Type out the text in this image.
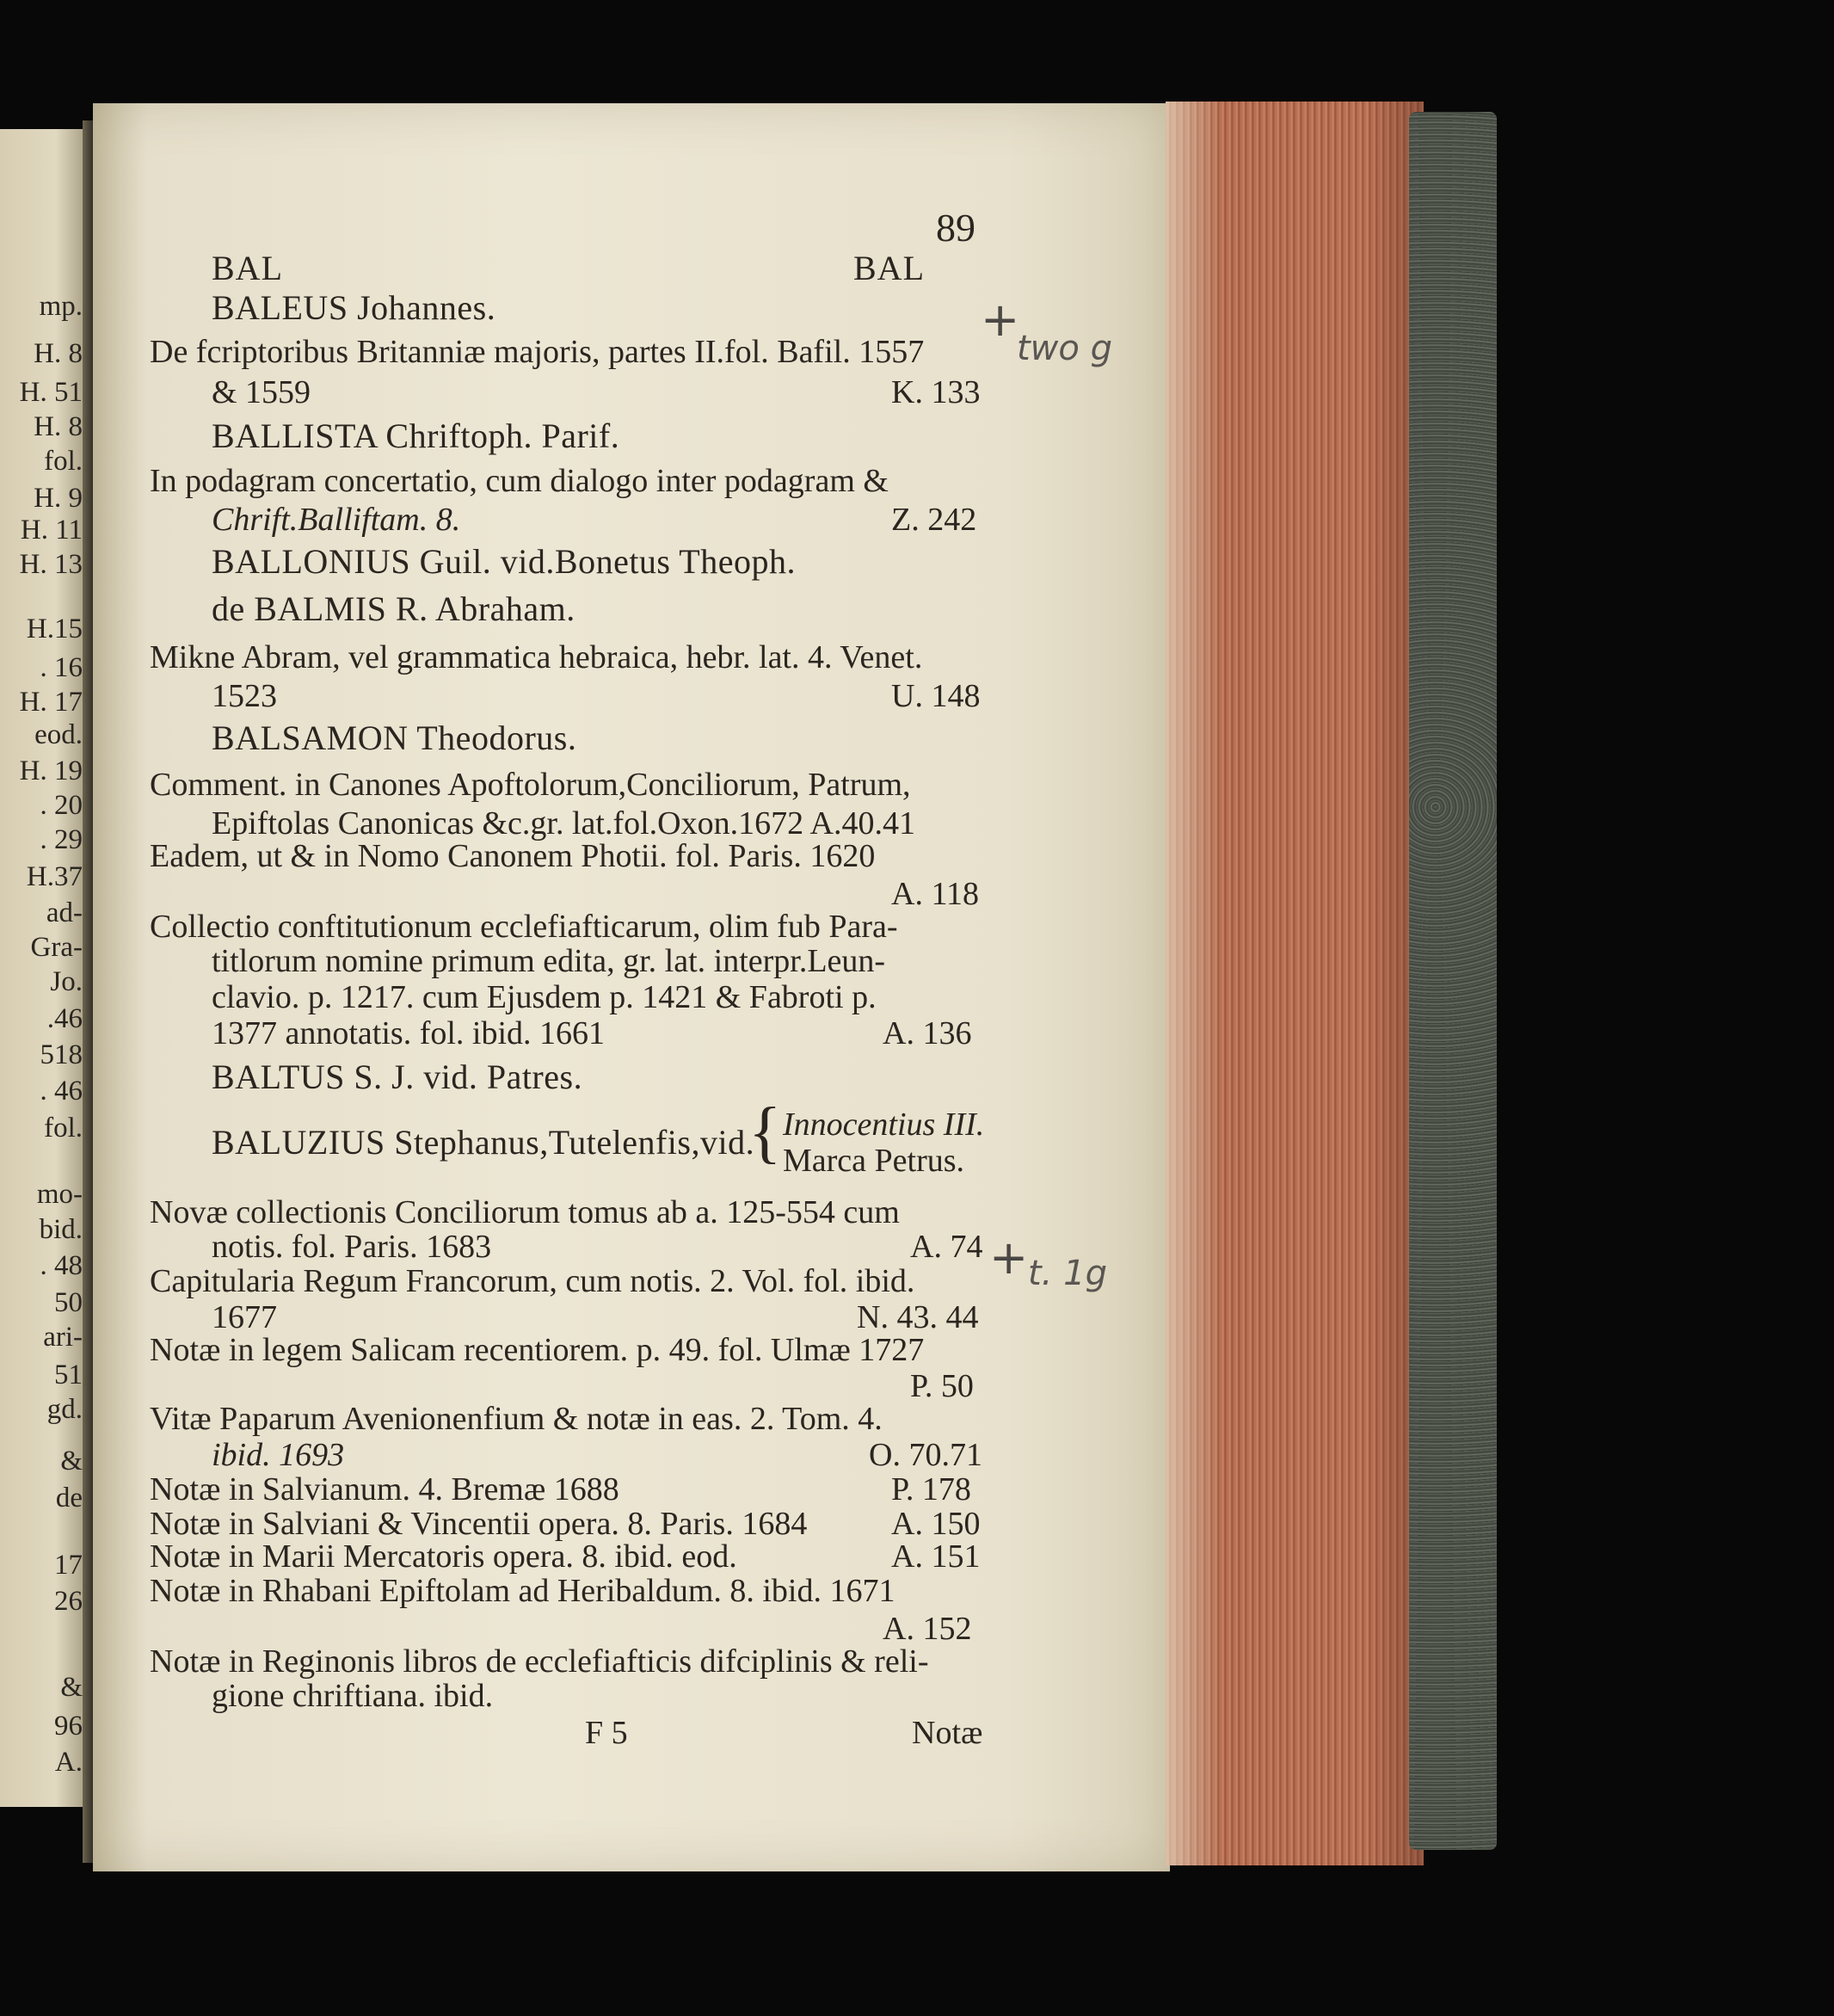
mp.
H. 8
H. 51
H. 8
fol.
H. 9
H. 11
H. 13
H.15
. 16
H. 17
eod.
H. 19
. 20
. 29
H.37
ad-
Gra-
Jo.
.46
518
. 46
fol.
mo-
bid.
. 48
50
ari-
51
gd.
&
de
17
26
&
96
A.
89
BAL	BAL
BALEUS Johannes.
De fcriptoribus Britanniæ majoris, partes II.fol. Bafil. 1557
& 1559	K. 133
BALLISTA Chriftoph. Parif.
In podagram concertatio, cum dialogo inter podagram &
Chrift.Balliftam. 8.	Z. 242
BALLONIUS Guil. vid.Bonetus Theoph.
de BALMIS R. Abraham.
Mikne Abram, vel grammatica hebraica, hebr. lat. 4. Venet.
1523	U. 148
BALSAMON Theodorus.
Comment. in Canones Apoftolorum,Conciliorum, Patrum,
Epiftolas Canonicas &c.gr. lat.fol.Oxon.1672 A.40.41
Eadem, ut & in Nomo Canonem Photii. fol. Paris. 1620
A. 118
Collectio conftitutionum ecclefiafticarum, olim fub Para-
titlorum nomine primum edita, gr. lat. interpr.Leun-
clavio. p. 1217. cum Ejusdem p. 1421 & Fabroti p.
1377 annotatis. fol. ibid. 1661	A. 136
BALTUS S. J. vid. Patres.
BALUZIUS Stephanus,Tutelenfis,vid.
{ Innocentius III.
Marca Petrus.
Novæ collectionis Conciliorum tomus ab a. 125-554 cum
notis. fol. Paris. 1683	A. 74
Capitularia Regum Francorum, cum notis. 2. Vol. fol. ibid.
1677	N. 43. 44
Notæ in legem Salicam recentiorem. p. 49. fol. Ulmæ 1727
P. 50
Vitæ Paparum Avenionenfium & notæ in eas. 2. Tom. 4.
ibid. 1693	O. 70.71
Notæ in Salvianum. 4. Bremæ 1688	P. 178
Notæ in Salviani & Vincentii opera. 8. Paris. 1684	A. 150
Notæ in Marii Mercatoris opera. 8. ibid. eod.	A. 151
Notæ in Rhabani Epiftolam ad Heribaldum. 8. ibid. 1671
A. 152
Notæ in Reginonis libros de ecclefiafticis difciplinis & reli-
gione chriftiana. ibid.
F 5	Notæ
+
two g
+ t. 1g
